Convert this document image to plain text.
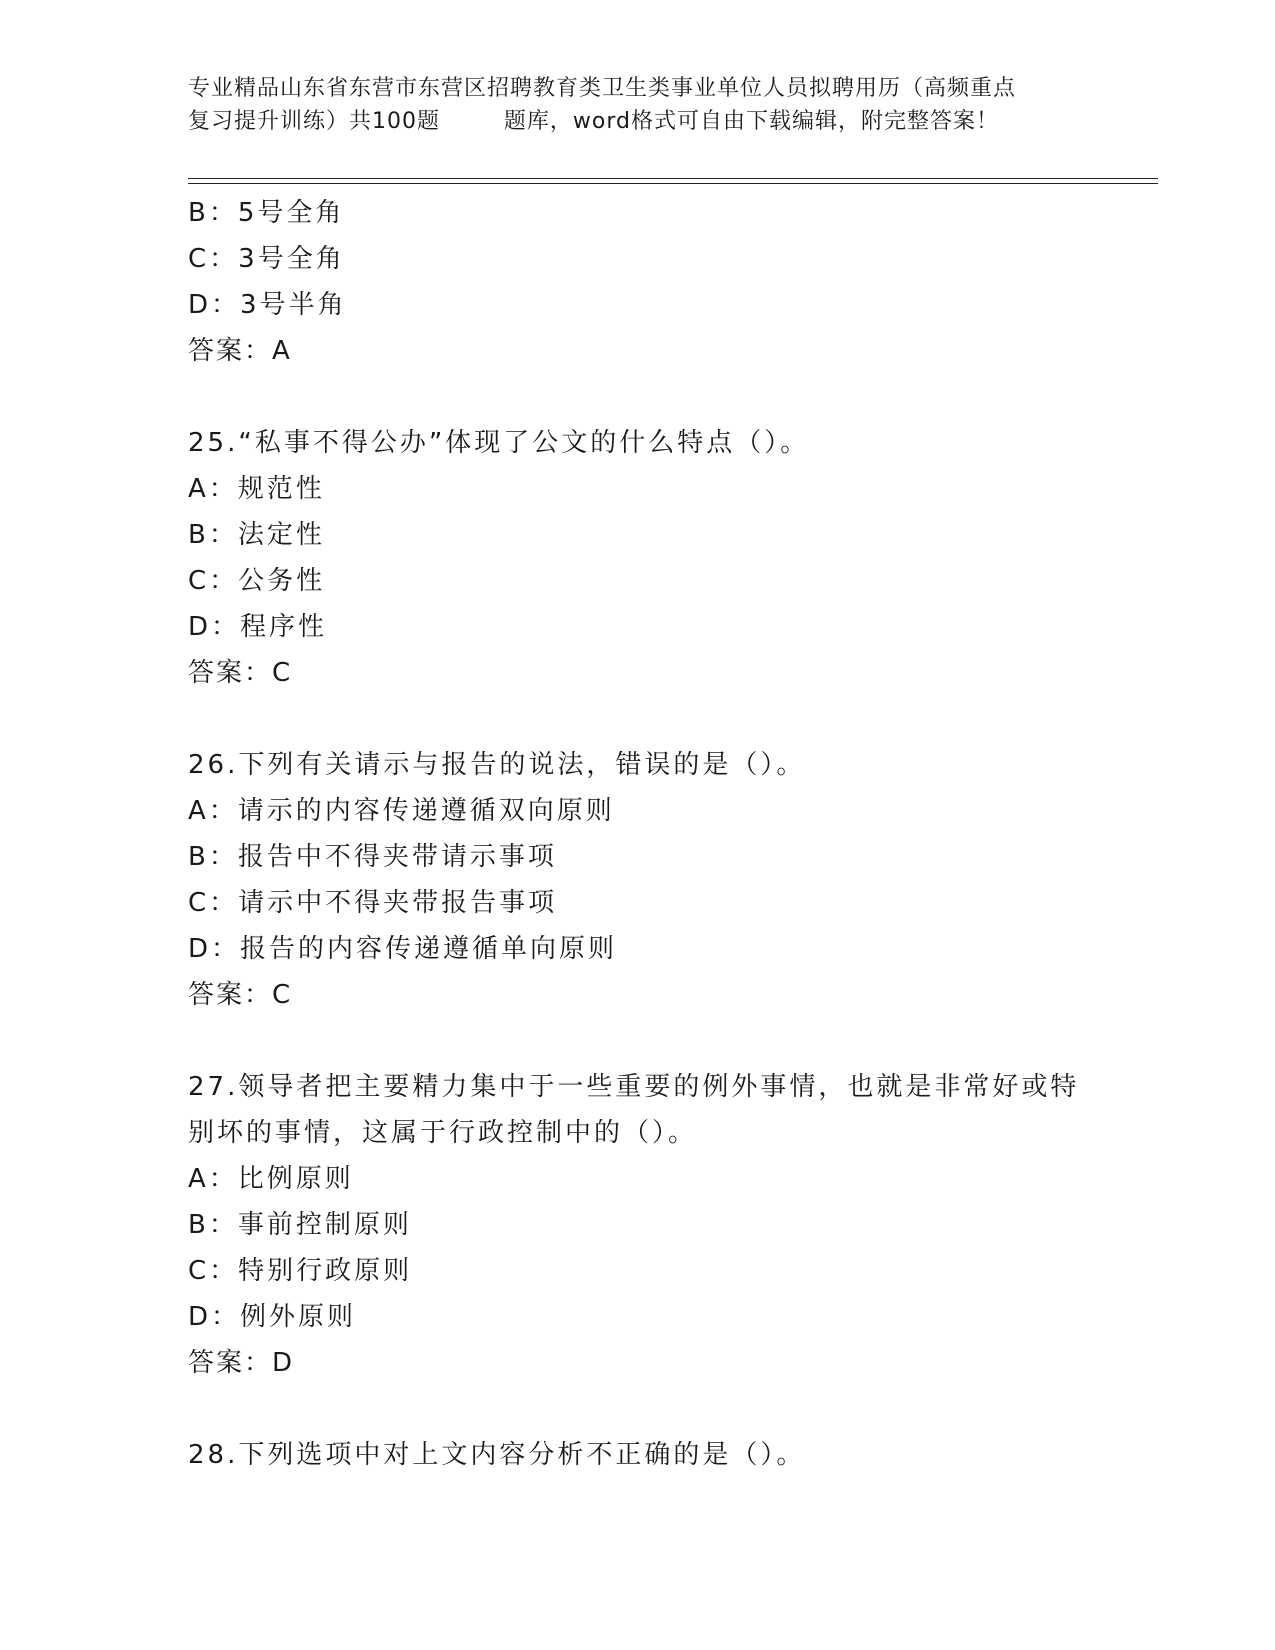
专业精品山东省东营市东营区招聘教育类卫生类事业单位人员拟聘用历（高频重点
复习提升训练）共100题        题库，word格式可自由下载编辑，附完整答案！
B：5号全角
C：3号全角
D：3号半角
答案：A
25.“私事不得公办”体现了公文的什么特点（）。
A：规范性
B：法定性
C：公务性
D：程序性
答案：C
26.下列有关请示与报告的说法，错误的是（）。
A：请示的内容传递遵循双向原则
B：报告中不得夹带请示事项
C：请示中不得夹带报告事项
D：报告的内容传递遵循单向原则
答案：C
27.领导者把主要精力集中于一些重要的例外事情，也就是非常好或特
别坏的事情，这属于行政控制中的（）。
A：比例原则
B：事前控制原则
C：特别行政原则
D：例外原则
答案：D
28.下列选项中对上文内容分析不正确的是（）。
